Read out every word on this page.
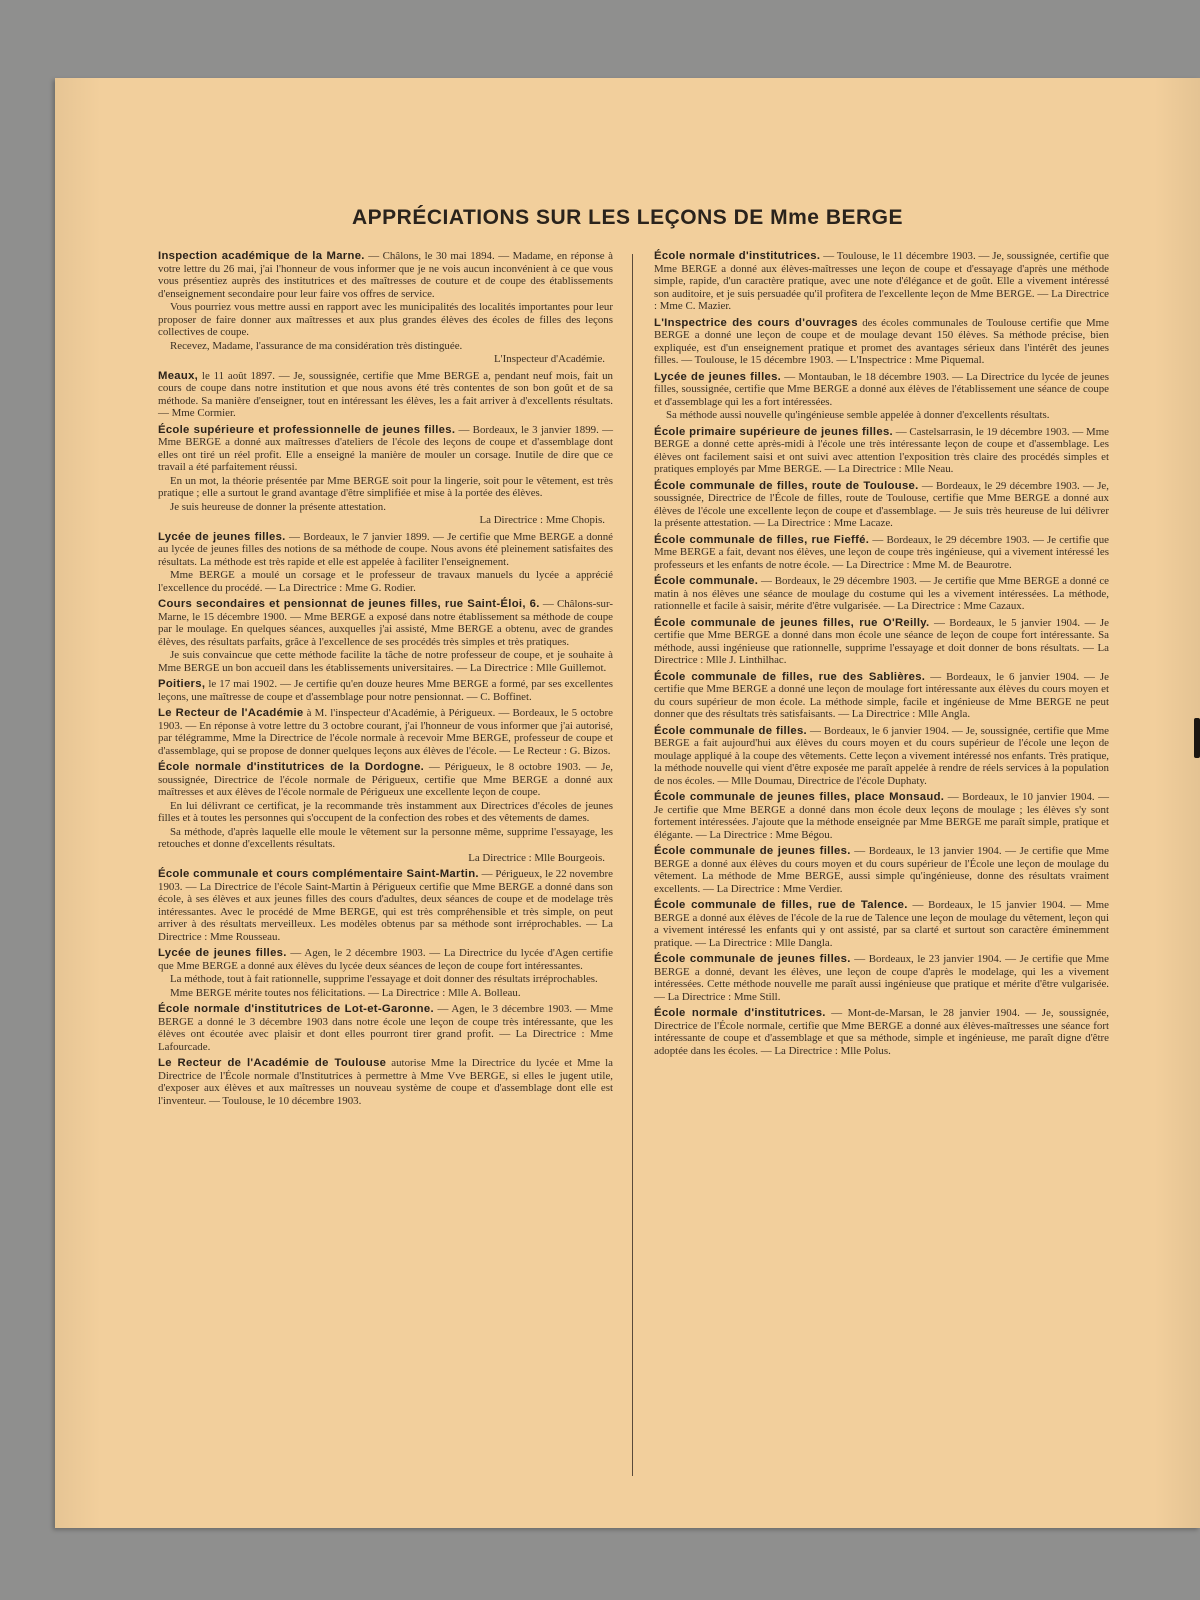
APPRÉCIATIONS SUR LES LEÇONS DE Mme BERGE
Inspection académique de la Marne. — Châlons, le 30 mai 1894. — Madame, en réponse à votre lettre du 26 mai, j'ai l'honneur de vous informer que je ne vois aucun inconvénient à ce que vous vous présentiez auprès des institutrices et des maîtresses de couture et de coupe des établissements d'enseignement secondaire pour leur faire vos offres de service.
Vous pourriez vous mettre aussi en rapport avec les municipalités des localités importantes pour leur proposer de faire donner aux maîtresses et aux plus grandes élèves des écoles de filles des leçons collectives de coupe.
Recevez, Madame, l'assurance de ma considération très distinguée.
L'Inspecteur d'Académie.
Meaux, le 11 août 1897. — Je, soussignée, certifie que Mme BERGE a, pendant neuf mois, fait un cours de coupe dans notre institution et que nous avons été très contentes de son bon goût et de sa méthode. Sa manière d'enseigner, tout en intéressant les élèves, les a fait arriver à d'excellents résultats. — Mme Cormier.
École supérieure et professionnelle de jeunes filles. — Bordeaux, le 3 janvier 1899. — Mme BERGE a donné aux maîtresses d'ateliers de l'école des leçons de coupe et d'assemblage dont elles ont tiré un réel profit. Elle a enseigné la manière de mouler un corsage. Inutile de dire que ce travail a été parfaitement réussi.
En un mot, la théorie présentée par Mme BERGE soit pour la lingerie, soit pour le vêtement, est très pratique ; elle a surtout le grand avantage d'être simplifiée et mise à la portée des élèves.
Je suis heureuse de donner la présente attestation.
La Directrice : Mme Chopis.
Lycée de jeunes filles. — Bordeaux, le 7 janvier 1899. — Je certifie que Mme BERGE a donné au lycée de jeunes filles des notions de sa méthode de coupe. Nous avons été pleinement satisfaites des résultats. La méthode est très rapide et elle est appelée à faciliter l'enseignement.
Mme BERGE a moulé un corsage et le professeur de travaux manuels du lycée a apprécié l'excellence du procédé. — La Directrice : Mme G. Rodier.
Cours secondaires et pensionnat de jeunes filles, rue Saint-Éloi, 6. — Châlons-sur-Marne, le 15 décembre 1900. — Mme BERGE a exposé dans notre établissement sa méthode de coupe par le moulage. En quelques séances, auxquelles j'ai assisté, Mme BERGE a obtenu, avec de grandes élèves, des résultats parfaits, grâce à l'excellence de ses procédés très simples et très pratiques.
Je suis convaincue que cette méthode facilite la tâche de notre professeur de coupe, et je souhaite à Mme BERGE un bon accueil dans les établissements universitaires. — La Directrice : Mlle Guillemot.
Poitiers, le 17 mai 1902. — Je certifie qu'en douze heures Mme BERGE a formé, par ses excellentes leçons, une maîtresse de coupe et d'assemblage pour notre pensionnat. — C. Boffinet.
Le Recteur de l'Académie à M. l'inspecteur d'Académie, à Périgueux. — Bordeaux, le 5 octobre 1903. — En réponse à votre lettre du 3 octobre courant, j'ai l'honneur de vous informer que j'ai autorisé, par télégramme, Mme la Directrice de l'école normale à recevoir Mme BERGE, professeur de coupe et d'assemblage, qui se propose de donner quelques leçons aux élèves de l'école. — Le Recteur : G. Bizos.
École normale d'institutrices de la Dordogne. — Périgueux, le 8 octobre 1903. — Je, soussignée, Directrice de l'école normale de Périgueux, certifie que Mme BERGE a donné aux maîtresses et aux élèves de l'école normale de Périgueux une excellente leçon de coupe.
En lui délivrant ce certificat, je la recommande très instamment aux Directrices d'écoles de jeunes filles et à toutes les personnes qui s'occupent de la confection des robes et des vêtements de dames.
Sa méthode, d'après laquelle elle moule le vêtement sur la personne même, supprime l'essayage, les retouches et donne d'excellents résultats.
La Directrice : Mlle Bourgeois.
École communale et cours complémentaire Saint-Martin. — Périgueux, le 22 novembre 1903. — La Directrice de l'école Saint-Martin à Périgueux certifie que Mme BERGE a donné dans son école, à ses élèves et aux jeunes filles des cours d'adultes, deux séances de coupe et de modelage très intéressantes. Avec le procédé de Mme BERGE, qui est très compréhensible et très simple, on peut arriver à des résultats merveilleux. Les modèles obtenus par sa méthode sont irréprochables. — La Directrice : Mme Rousseau.
Lycée de jeunes filles. — Agen, le 2 décembre 1903. — La Directrice du lycée d'Agen certifie que Mme BERGE a donné aux élèves du lycée deux séances de leçon de coupe fort intéressantes.
La méthode, tout à fait rationnelle, supprime l'essayage et doit donner des résultats irréprochables.
Mme BERGE mérite toutes nos félicitations. — La Directrice : Mlle A. Bolleau.
École normale d'institutrices de Lot-et-Garonne. — Agen, le 3 décembre 1903. — Mme BERGE a donné le 3 décembre 1903 dans notre école une leçon de coupe très intéressante, que les élèves ont écoutée avec plaisir et dont elles pourront tirer grand profit. — La Directrice : Mme Lafourcade.
Le Recteur de l'Académie de Toulouse autorise Mme la Directrice du lycée et Mme la Directrice de l'École normale d'Institutrices à permettre à Mme Vve BERGE, si elles le jugent utile, d'exposer aux élèves et aux maîtresses un nouveau système de coupe et d'assemblage dont elle est l'inventeur. — Toulouse, le 10 décembre 1903.
École normale d'institutrices. — Toulouse, le 11 décembre 1903. — Je, soussignée, certifie que Mme BERGE a donné aux élèves-maîtresses une leçon de coupe et d'essayage d'après une méthode simple, rapide, d'un caractère pratique, avec une note d'élégance et de goût. Elle a vivement intéressé son auditoire, et je suis persuadée qu'il profitera de l'excellente leçon de Mme BERGE. — La Directrice : Mme C. Mazier.
L'Inspectrice des cours d'ouvrages des écoles communales de Toulouse certifie que Mme BERGE a donné une leçon de coupe et de moulage devant 150 élèves. Sa méthode précise, bien expliquée, est d'un enseignement pratique et promet des avantages sérieux dans l'intérêt des jeunes filles. — Toulouse, le 15 décembre 1903. — L'Inspectrice : Mme Piquemal.
Lycée de jeunes filles. — Montauban, le 18 décembre 1903. — La Directrice du lycée de jeunes filles, soussignée, certifie que Mme BERGE a donné aux élèves de l'établissement une séance de coupe et d'assemblage qui les a fort intéressées.
Sa méthode aussi nouvelle qu'ingénieuse semble appelée à donner d'excellents résultats.
École primaire supérieure de jeunes filles. — Castelsarrasin, le 19 décembre 1903. — Mme BERGE a donné cette après-midi à l'école une très intéressante leçon de coupe et d'assemblage. Les élèves ont facilement saisi et ont suivi avec attention l'exposition très claire des procédés simples et pratiques employés par Mme BERGE. — La Directrice : Mlle Neau.
École communale de filles, route de Toulouse. — Bordeaux, le 29 décembre 1903. — Je, soussignée, Directrice de l'École de filles, route de Toulouse, certifie que Mme BERGE a donné aux élèves de l'école une excellente leçon de coupe et d'assemblage. — Je suis très heureuse de lui délivrer la présente attestation. — La Directrice : Mme Lacaze.
École communale de filles, rue Fieffé. — Bordeaux, le 29 décembre 1903. — Je certifie que Mme BERGE a fait, devant nos élèves, une leçon de coupe très ingénieuse, qui a vivement intéressé les professeurs et les enfants de notre école. — La Directrice : Mme M. de Beaurotre.
École communale. — Bordeaux, le 29 décembre 1903. — Je certifie que Mme BERGE a donné ce matin à nos élèves une séance de moulage du costume qui les a vivement intéressées. La méthode, rationnelle et facile à saisir, mérite d'être vulgarisée. — La Directrice : Mme Cazaux.
École communale de jeunes filles, rue O'Reilly. — Bordeaux, le 5 janvier 1904. — Je certifie que Mme BERGE a donné dans mon école une séance de leçon de coupe fort intéressante. Sa méthode, aussi ingénieuse que rationnelle, supprime l'essayage et doit donner de bons résultats. — La Directrice : Mlle J. Linthilhac.
École communale de filles, rue des Sablières. — Bordeaux, le 6 janvier 1904. — Je certifie que Mme BERGE a donné une leçon de moulage fort intéressante aux élèves du cours moyen et du cours supérieur de mon école. La méthode simple, facile et ingénieuse de Mme BERGE ne peut donner que des résultats très satisfaisants. — La Directrice : Mlle Angla.
École communale de filles. — Bordeaux, le 6 janvier 1904. — Je, soussignée, certifie que Mme BERGE a fait aujourd'hui aux élèves du cours moyen et du cours supérieur de l'école une leçon de moulage appliqué à la coupe des vêtements. Cette leçon a vivement intéressé nos enfants. Très pratique, la méthode nouvelle qui vient d'être exposée me paraît appelée à rendre de réels services à la population de nos écoles. — Mlle Doumau, Directrice de l'école Duphaty.
École communale de jeunes filles, place Monsaud. — Bordeaux, le 10 janvier 1904. — Je certifie que Mme BERGE a donné dans mon école deux leçons de moulage ; les élèves s'y sont fortement intéressées. J'ajoute que la méthode enseignée par Mme BERGE me paraît simple, pratique et élégante. — La Directrice : Mme Bégou.
École communale de jeunes filles. — Bordeaux, le 13 janvier 1904. — Je certifie que Mme BERGE a donné aux élèves du cours moyen et du cours supérieur de l'École une leçon de moulage du vêtement. La méthode de Mme BERGE, aussi simple qu'ingénieuse, donne des résultats vraiment excellents. — La Directrice : Mme Verdier.
École communale de filles, rue de Talence. — Bordeaux, le 15 janvier 1904. — Mme BERGE a donné aux élèves de l'école de la rue de Talence une leçon de moulage du vêtement, leçon qui a vivement intéressé les enfants qui y ont assisté, par sa clarté et surtout son caractère éminemment pratique. — La Directrice : Mlle Dangla.
École communale de jeunes filles. — Bordeaux, le 23 janvier 1904. — Je certifie que Mme BERGE a donné, devant les élèves, une leçon de coupe d'après le modelage, qui les a vivement intéressées. Cette méthode nouvelle me paraît aussi ingénieuse que pratique et mérite d'être vulgarisée. — La Directrice : Mme Still.
École normale d'institutrices. — Mont-de-Marsan, le 28 janvier 1904. — Je, soussignée, Directrice de l'École normale, certifie que Mme BERGE a donné aux élèves-maîtresses une séance fort intéressante de coupe et d'assemblage et que sa méthode, simple et ingénieuse, me paraît digne d'être adoptée dans les écoles. — La Directrice : Mlle Polus.
